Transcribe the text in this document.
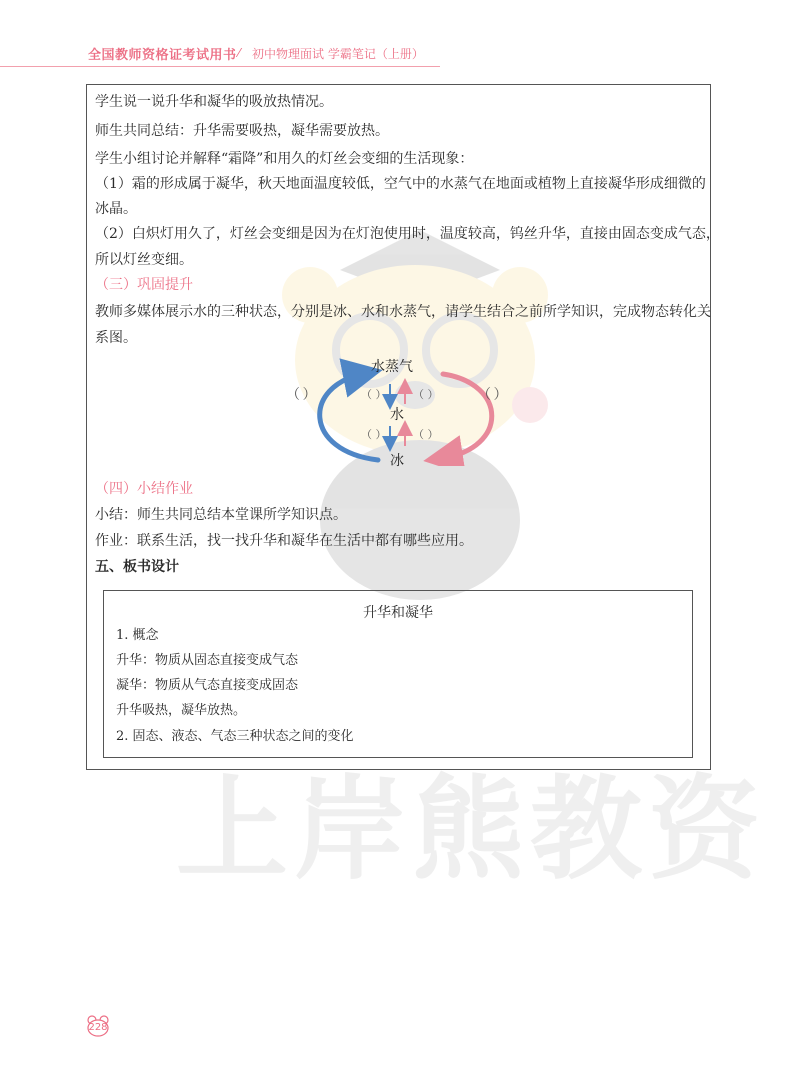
全国教师资格证考试用书 ⁄ 初中物理面试 学霸笔记（上册）
上岸熊教资
学生说一说升华和凝华的吸放热情况。
师生共同总结：升华需要吸热，凝华需要放热。
学生小组讨论并解释“霜降”和用久的灯丝会变细的生活现象：
（1）霜的形成属于凝华，秋天地面温度较低，空气中的水蒸气在地面或植物上直接凝华形成细微的
冰晶。
（2）白炽灯用久了，灯丝会变细是因为在灯泡使用时，温度较高，钨丝升华，直接由固态变成气态，
所以灯丝变细。
（三）巩固提升
教师多媒体展示水的三种状态，分别是冰、水和水蒸气，请学生结合之前所学知识，完成物态转化关
系图。
（四）小结作业
小结：师生共同总结本堂课所学知识点。
作业：联系生活，找一找升华和凝华在生活中都有哪些应用。
五、板书设计
水蒸气
水
冰
（ ）	（ ） （ ）	（ ）
（ ） （ ）
升华和凝华
1. 概念
升华：物质从固态直接变成气态
凝华：物质从气态直接变成固态
升华吸热，凝华放热。
2. 固态、液态、气态三种状态之间的变化
228
